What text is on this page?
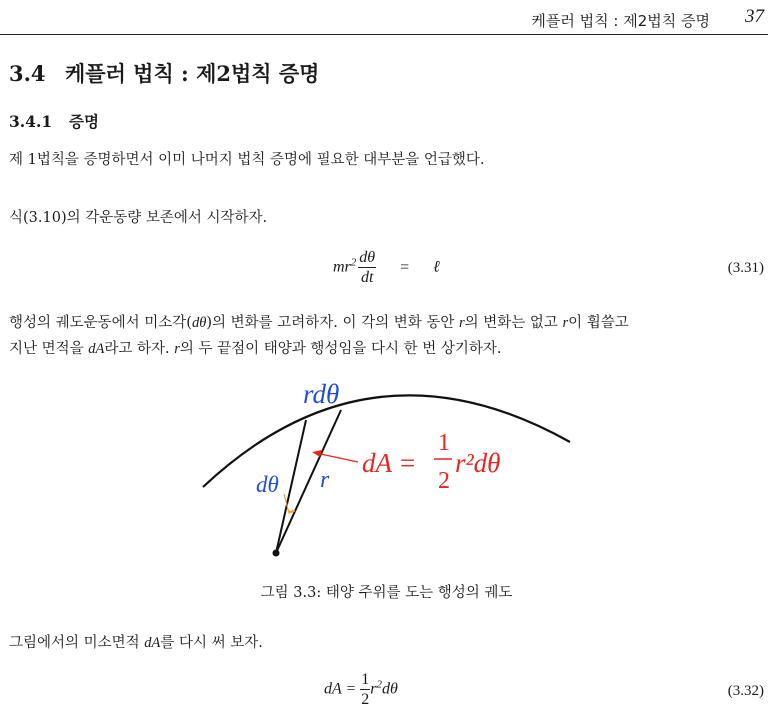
케플러 법칙 : 제2법칙 증명 37
3.4 케플러 법칙 : 제2법칙 증명
3.4.1 증명
제 1법칙을 증명하면서 이미 나머지 법칙 증명에 필요한 대부분을 언급했다.
식(3.10)의 각운동량 보존에서 시작하자.
$mr^2 \frac{d\theta}{dt}$ = ℓ	(3.31)
행성의 궤도운동에서 미소각(dθ)의 변화를 고려하자. 이 각의 변화 동안 r의 변화는 없고 r이 휩쓸고
지난 면적을 dA라고 하자. r의 두 끝점이 태양과 행성임을 다시 한 번 상기하자.
rdθ
dθ r
dA =
1
2
r²dθ
그림 3.3: 태양 주위를 도는 행성의 궤도
그림에서의 미소면적 dA를 다시 써 보자.
dA = $\frac{1}{2} r^2d\theta$	(3.32)
